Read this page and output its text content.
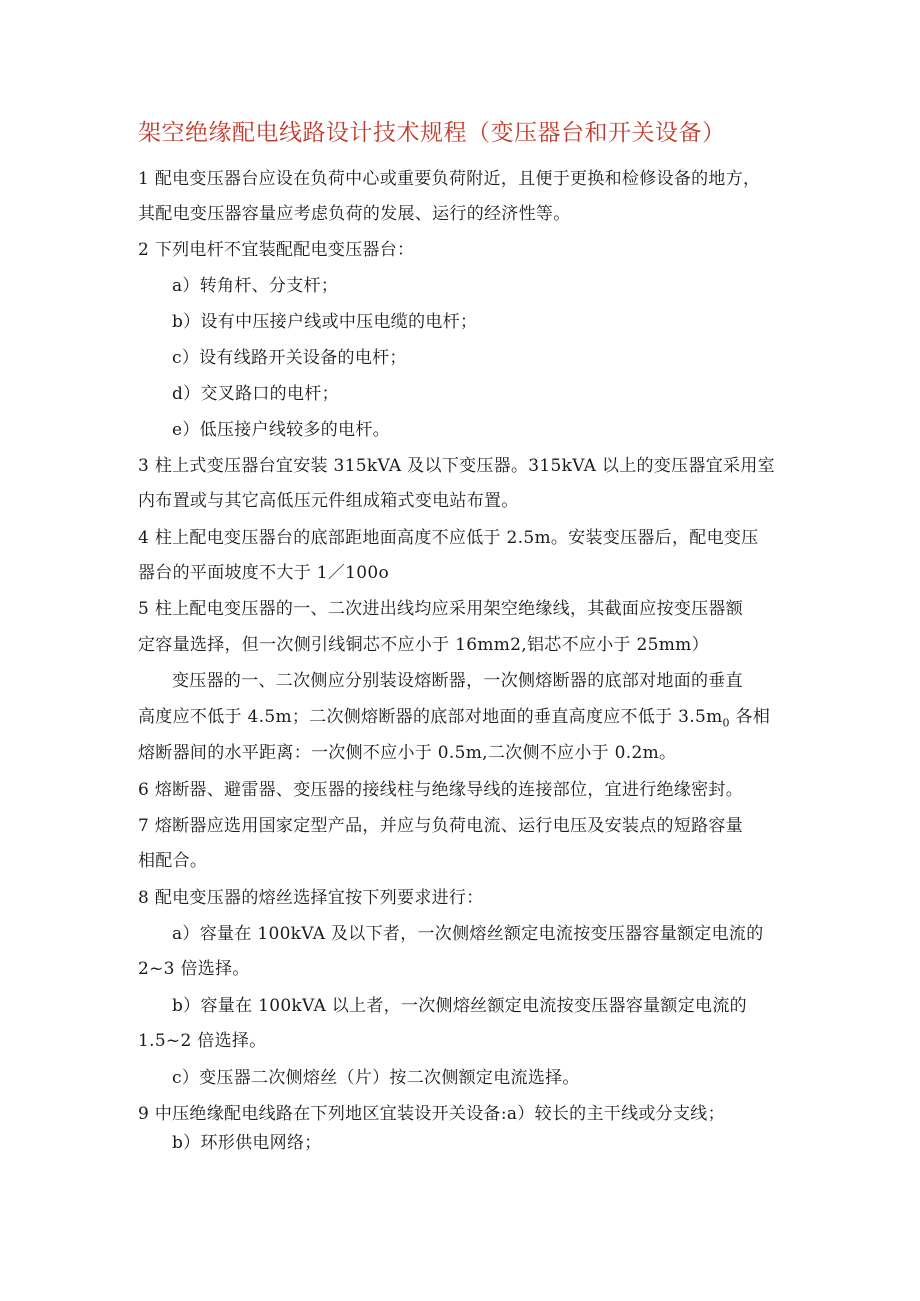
架空绝缘配电线路设计技术规程（变压器台和开关设备）
1 配电变压器台应设在负荷中心或重要负荷附近，且便于更换和检修设备的地方，
其配电变压器容量应考虑负荷的发展、运行的经济性等。
2 下列电杆不宜装配配电变压器台：
a）转角杆、分支杆；
b）设有中压接户线或中压电缆的电杆；
c）设有线路开关设备的电杆；
d）交叉路口的电杆；
e）低压接户线较多的电杆。
3 柱上式变压器台宜安装 315kVA 及以下变压器。315kVA 以上的变压器宜采用室
内布置或与其它高低压元件组成箱式变电站布置。
4 柱上配电变压器台的底部距地面高度不应低于 2.5m。安装变压器后，配电变压
器台的平面坡度不大于 1／100o
5 柱上配电变压器的一、二次进出线均应采用架空绝缘线，其截面应按变压器额
定容量选择，但一次侧引线铜芯不应小于 16mm2,铝芯不应小于 25mm）
变压器的一、二次侧应分别装设熔断器，一次侧熔断器的底部对地面的垂直
高度应不低于 4.5m；二次侧熔断器的底部对地面的垂直高度应不低于 $3.5m_0$ 各相
熔断器间的水平距离：一次侧不应小于 0.5m,二次侧不应小于 0.2m。
6 熔断器、避雷器、变压器的接线柱与绝缘导线的连接部位，宜进行绝缘密封。
7 熔断器应选用国家定型产品，并应与负荷电流、运行电压及安装点的短路容量
相配合。
8 配电变压器的熔丝选择宜按下列要求进行：
a）容量在 100kVA 及以下者，一次侧熔丝额定电流按变压器容量额定电流的
2~3 倍选择。
b）容量在 100kVA 以上者，一次侧熔丝额定电流按变压器容量额定电流的
1.5~2 倍选择。
c）变压器二次侧熔丝（片）按二次侧额定电流选择。
9 中压绝缘配电线路在下列地区宜装设开关设备:a）较长的主干线或分支线；
b）环形供电网络；
